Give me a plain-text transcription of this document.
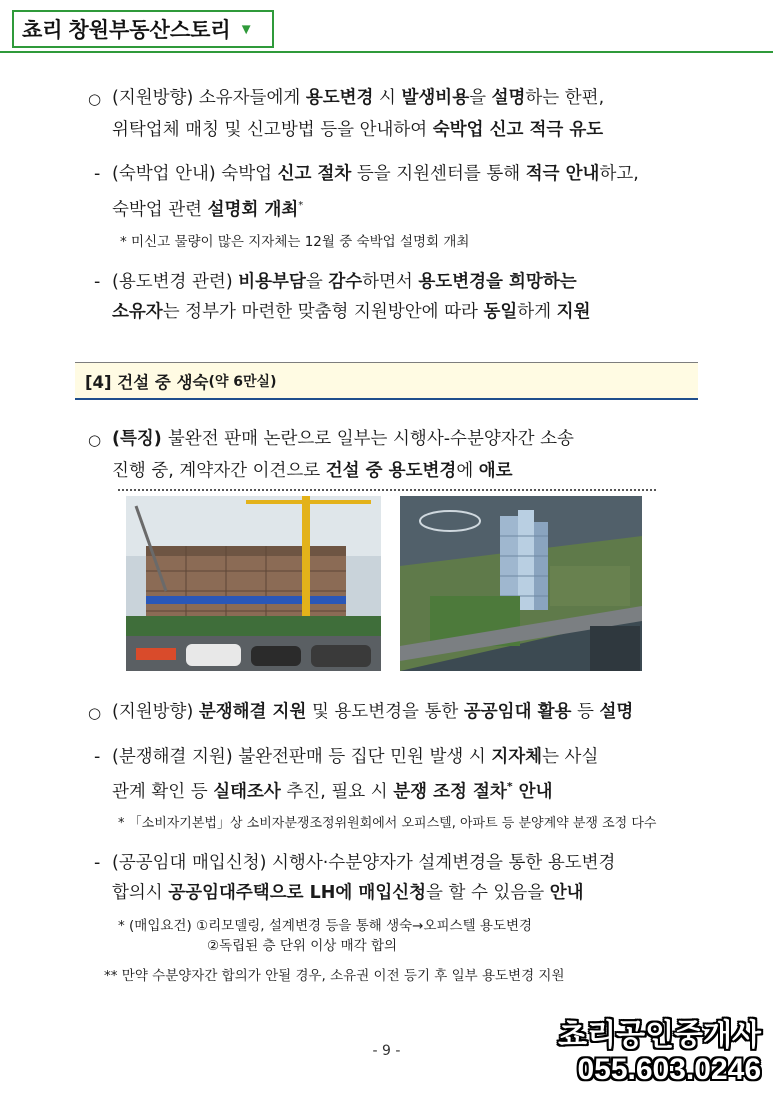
쵸리 창원부동산스토리 ▼
○ (지원방향) 소유자들에게 용도변경 시 발생비용을 설명하는 한편,
위탁업체 매칭 및 신고방법 등을 안내하여 숙박업 신고 적극 유도
- (숙박업 안내) 숙박업 신고 절차 등을 지원센터를 통해 적극 안내하고,
숙박업 관련 설명회 개최*
* 미신고 물량이 많은 지자체는 12월 중 숙박업 설명회 개최
- (용도변경 관련) 비용부담을 감수하면서 용도변경을 희망하는
소유자는 정부가 마련한 맞춤형 지원방안에 따라 동일하게 지원
[4] 건설 중 생숙 (약 6만실)
○ (특징) 불완전 판매 논란으로 일부는 시행사-수분양자간 소송
진행 중, 계약자간 이견으로 건설 중 용도변경에 애로
○ (지원방향) 분쟁해결 지원 및 용도변경을 통한 공공임대 활용 등 설명
- (분쟁해결 지원) 불완전판매 등 집단 민원 발생 시 지자체는 사실
관계 확인 등 실태조사 추진, 필요 시 분쟁 조정 절차* 안내
* 「소비자기본법」상 소비자분쟁조정위원회에서 오피스텔, 아파트 등 분양계약 분쟁 조정 다수
- (공공임대 매입신청) 시행사·수분양자가 설계변경을 통한 용도변경
합의시 공공임대주택으로 LH에 매입신청을 할 수 있음을 안내
* (매입요건) ①리모델링, 설계변경 등을 통해 생숙→오피스텔 용도변경
②독립된 층 단위 이상 매각 합의
** 만약 수분양자간 합의가 안될 경우, 소유권 이전 등기 후 일부 용도변경 지원
- 9 -	쵸리공인중개사
055.603.0246
